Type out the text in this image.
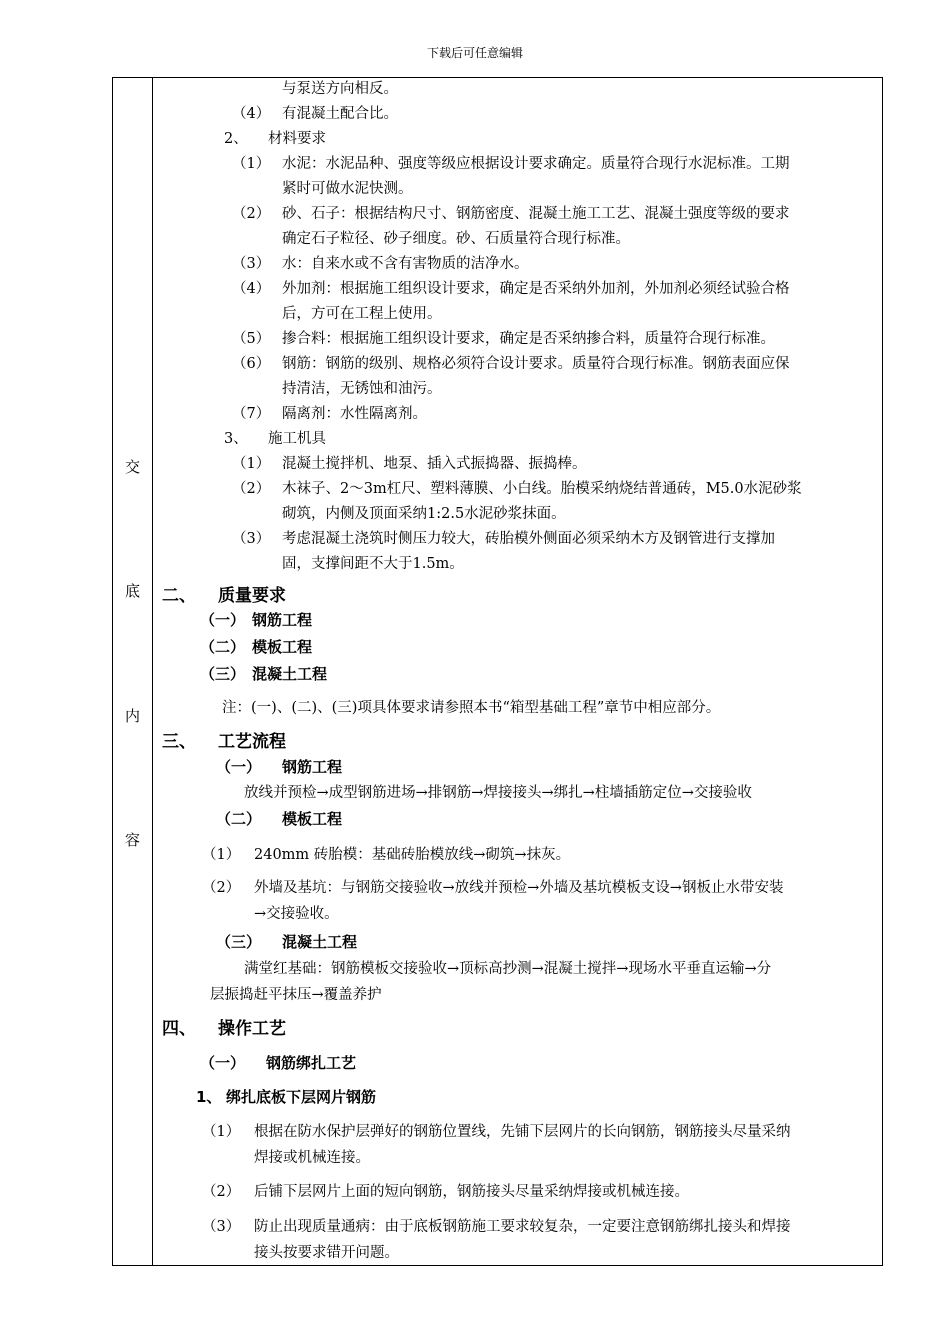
下载后可任意编辑
交
底
内
容
与泵送方向相反。
（4） 有混凝土配合比。
2、 材料要求
（1） 水泥：水泥品种、强度等级应根据设计要求确定。质量符合现行水泥标准。工期
紧时可做水泥快测。
（2） 砂、石子：根据结构尺寸、钢筋密度、混凝土施工工艺、混凝土强度等级的要求
确定石子粒径、砂子细度。砂、石质量符合现行标准。
（3） 水：自来水或不含有害物质的洁净水。
（4） 外加剂：根据施工组织设计要求，确定是否采纳外加剂，外加剂必须经试验合格
后，方可在工程上使用。
（5） 掺合料：根据施工组织设计要求，确定是否采纳掺合料，质量符合现行标准。
（6） 钢筋：钢筋的级别、规格必须符合设计要求。质量符合现行标准。钢筋表面应保
持清洁，无锈蚀和油污。
（7） 隔离剂：水性隔离剂。
3、 施工机具
（1） 混凝土搅拌机、地泵、插入式振捣器、振捣棒。
（2） 木袜子、2～3m杠尺、塑料薄膜、小白线。胎模采纳烧结普通砖，M5.0水泥砂浆
砌筑，内侧及顶面采纳1:2.5水泥砂浆抹面。
（3） 考虑混凝土浇筑时侧压力较大，砖胎模外侧面必须采纳木方及钢管进行支撑加
固，支撑间距不大于1.5m。
二、 质量要求
（一） 钢筋工程
（二） 模板工程
（三） 混凝土工程
注：(一)、(二)、(三)项具体要求请参照本书“箱型基础工程”章节中相应部分。
三、 工艺流程
（一） 钢筋工程
放线并预检→成型钢筋进场→排钢筋→焊接接头→绑扎→柱墙插筋定位→交接验收
（二） 模板工程
（1） 240mm 砖胎模：基础砖胎模放线→砌筑→抹灰。
（2） 外墙及基坑：与钢筋交接验收→放线并预检→外墙及基坑模板支设→钢板止水带安装
→交接验收。
（三） 混凝土工程
满堂红基础：钢筋模板交接验收→顶标高抄测→混凝土搅拌→现场水平垂直运输→分
层振捣赶平抹压→覆盖养护
四、 操作工艺
（一） 钢筋绑扎工艺
1、 绑扎底板下层网片钢筋
（1） 根据在防水保护层弹好的钢筋位置线，先铺下层网片的长向钢筋，钢筋接头尽量采纳
焊接或机械连接。
（2） 后铺下层网片上面的短向钢筋，钢筋接头尽量采纳焊接或机械连接。
（3） 防止出现质量通病：由于底板钢筋施工要求较复杂，一定要注意钢筋绑扎接头和焊接
接头按要求错开问题。
